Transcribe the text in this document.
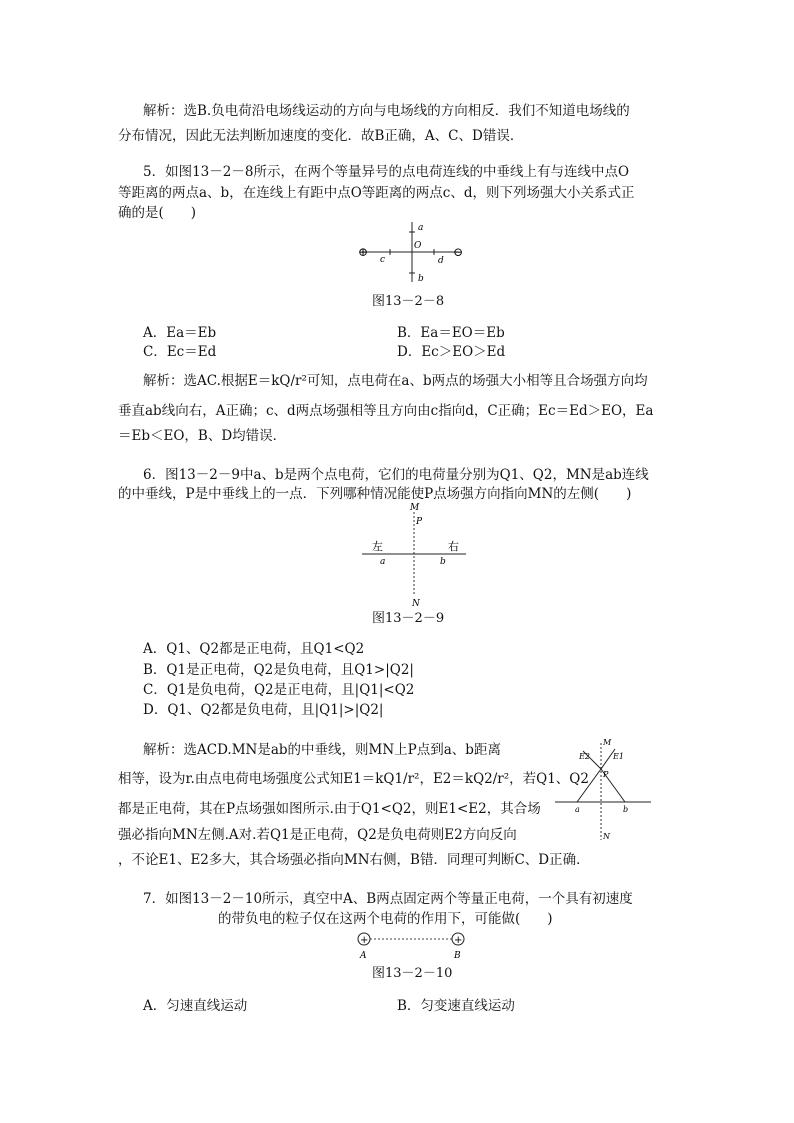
解析：选B.负电荷沿电场线运动的方向与电场线的方向相反．我们不知道电场线的
分布情况，因此无法判断加速度的变化．故B正确，A、C、D错误．
5．如图13－2－8所示，在两个等量异号的点电荷连线的中垂线上有与连线中点O
等距离的两点a、b，在连线上有距中点O等距离的两点c、d，则下列场强大小关系式正
确的是(　　)
⊕	⊖
a
b
O
c	d
图13－2－8
A．Ea＝Eb	B．Ea＝EO＝Eb
C．Ec＝Ed	D．Ec＞EO＞Ed
解析：选AC.根据E＝kQ/r²可知，点电荷在a、b两点的场强大小相等且合场强方向均
垂直ab线向右，A正确；c、d两点场强相等且方向由c指向d，C正确；Ec＝Ed＞EO，Ea
＝Eb＜EO，B、D均错误．
6．图13－2－9中a、b是两个点电荷，它们的电荷量分别为Q1、Q2，MN是ab连线
的中垂线，P是中垂线上的一点．下列哪种情况能使P点场强方向指向MN的左侧(　　)
M
P
N
左	右
a	b
图13－2－9
A．Q1、Q2都是正电荷，且Q1<Q2
B．Q1是正电荷，Q2是负电荷，且Q1>|Q2|
C．Q1是负电荷，Q2是正电荷，且|Q1|<Q2
D．Q1、Q2都是负电荷，且|Q1|>|Q2|
解析：选ACD.MN是ab的中垂线，则MN上P点到a、b距离
相等，设为r.由点电荷电场强度公式知E1＝kQ1/r²，E2＝kQ2/r²，若Q1、Q2
都是正电荷，其在P点场强如图所示.由于Q1<Q2，则E1<E2，其合场
强必指向MN左侧.A对.若Q1是正电荷，Q2是负电荷则E2方向反向
，不论E1、E2多大，其合场强必指向MN右侧，B错．同理可判断C、D正确．
M
E2	E1
P
a	b
N
7．如图13－2－10所示，真空中A、B两点固定两个等量正电荷，一个具有初速度
的带负电的粒子仅在这两个电荷的作用下，可能做(　　)
+	+
A	B
图13－2－10
A．匀速直线运动	B．匀变速直线运动
